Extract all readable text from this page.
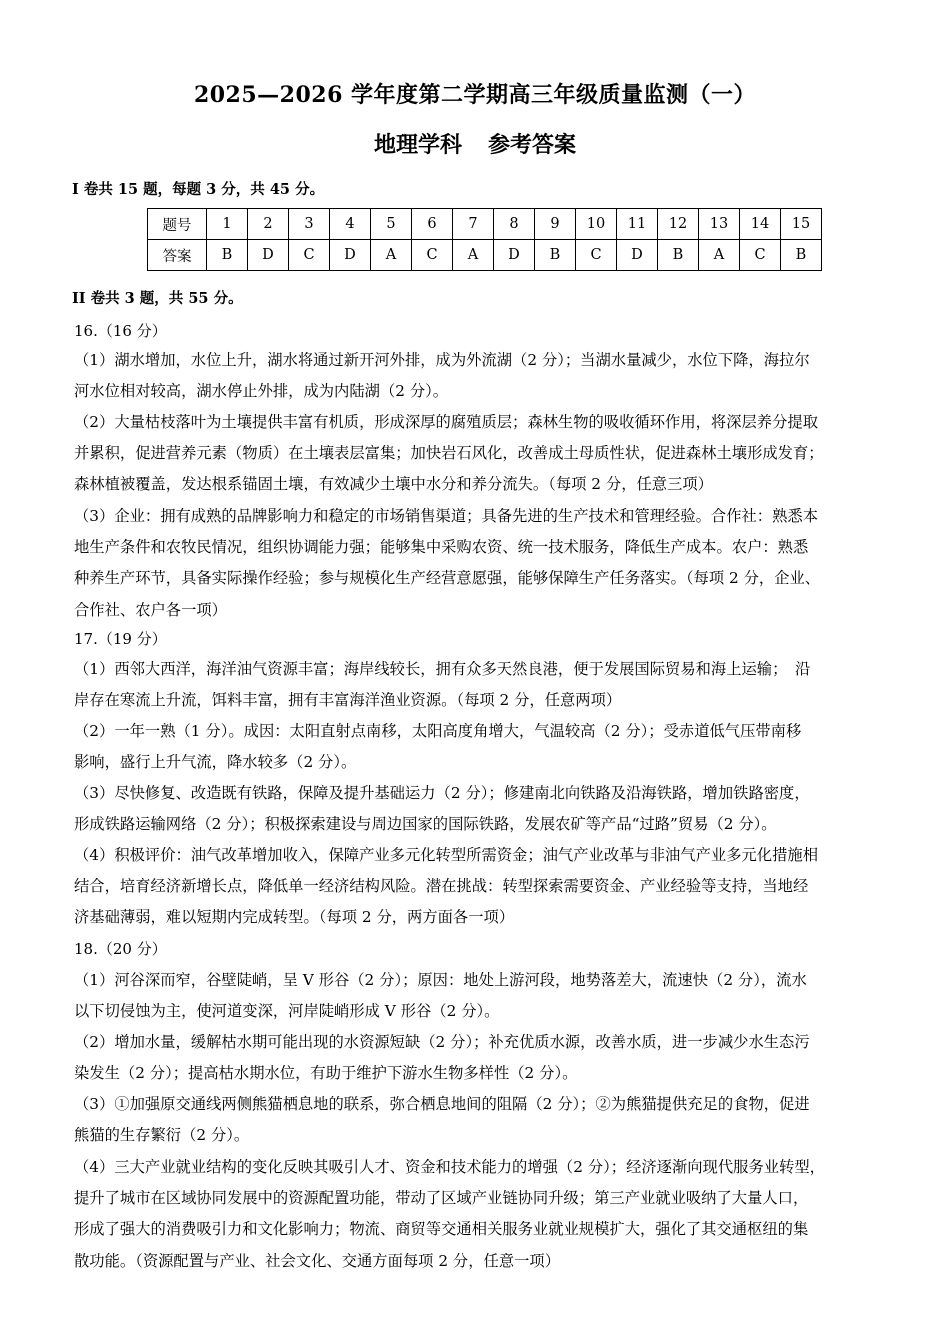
2025—2026 学年度第二学期高三年级质量监测（一）
地理学科 参考答案
I 卷共 15 题，每题 3 分，共 45 分。
题号	1	2	3	4	5	6	7	8	9	10	11	12	13	14	15
答案	B	D	C	D	A	C	A	D	B	C	D	B	A	C	B
II 卷共 3 题，共 55 分。
16.（16 分）
（1）湖水增加，水位上升，湖水将通过新开河外排，成为外流湖（2 分）；当湖水量减少，水位下降，海拉尔
河水位相对较高，湖水停止外排，成为内陆湖（2 分）。
（2）大量枯枝落叶为土壤提供丰富有机质，形成深厚的腐殖质层；森林生物的吸收循环作用，将深层养分提取
并累积，促进营养元素（物质）在土壤表层富集；加快岩石风化，改善成土母质性状，促进森林土壤形成发育；
森林植被覆盖，发达根系锚固土壤，有效减少土壤中水分和养分流失。（每项 2 分，任意三项）
（3）企业：拥有成熟的品牌影响力和稳定的市场销售渠道；具备先进的生产技术和管理经验。合作社：熟悉本
地生产条件和农牧民情况，组织协调能力强；能够集中采购农资、统一技术服务，降低生产成本。农户：熟悉
种养生产环节，具备实际操作经验；参与规模化生产经营意愿强，能够保障生产任务落实。（每项 2 分，企业、
合作社、农户各一项）
17.（19 分）
（1）西邻大西洋，海洋油气资源丰富；海岸线较长，拥有众多天然良港，便于发展国际贸易和海上运输；　沿
岸存在寒流上升流，饵料丰富，拥有丰富海洋渔业资源。（每项 2 分，任意两项）
（2）一年一熟（1 分）。成因：太阳直射点南移，太阳高度角增大，气温较高（2 分）；受赤道低气压带南移
影响，盛行上升气流，降水较多（2 分）。
（3）尽快修复、改造既有铁路，保障及提升基础运力（2 分）；修建南北向铁路及沿海铁路，增加铁路密度，
形成铁路运输网络（2 分）；积极探索建设与周边国家的国际铁路，发展农矿等产品“过路”贸易（2 分）。
（4）积极评价：油气改革增加收入，保障产业多元化转型所需资金；油气产业改革与非油气产业多元化措施相
结合，培育经济新增长点，降低单一经济结构风险。潜在挑战：转型探索需要资金、产业经验等支持，当地经
济基础薄弱，难以短期内完成转型。（每项 2 分，两方面各一项）
18.（20 分）
（1）河谷深而窄，谷壁陡峭，呈 V 形谷（2 分）；原因：地处上游河段，地势落差大，流速快（2 分），流水
以下切侵蚀为主，使河道变深，河岸陡峭形成 V 形谷（2 分）。
（2）增加水量，缓解枯水期可能出现的水资源短缺（2 分）；补充优质水源，改善水质，进一步减少水生态污
染发生（2 分）；提高枯水期水位，有助于维护下游水生物多样性（2 分）。
（3）①加强原交通线两侧熊猫栖息地的联系，弥合栖息地间的阻隔（2 分）；②为熊猫提供充足的食物，促进
熊猫的生存繁衍（2 分）。
（4）三大产业就业结构的变化反映其吸引人才、资金和技术能力的增强（2 分）；经济逐渐向现代服务业转型，
提升了城市在区域协同发展中的资源配置功能，带动了区域产业链协同升级；第三产业就业吸纳了大量人口，
形成了强大的消费吸引力和文化影响力；物流、商贸等交通相关服务业就业规模扩大，强化了其交通枢纽的集
散功能。（资源配置与产业、社会文化、交通方面每项 2 分，任意一项）
